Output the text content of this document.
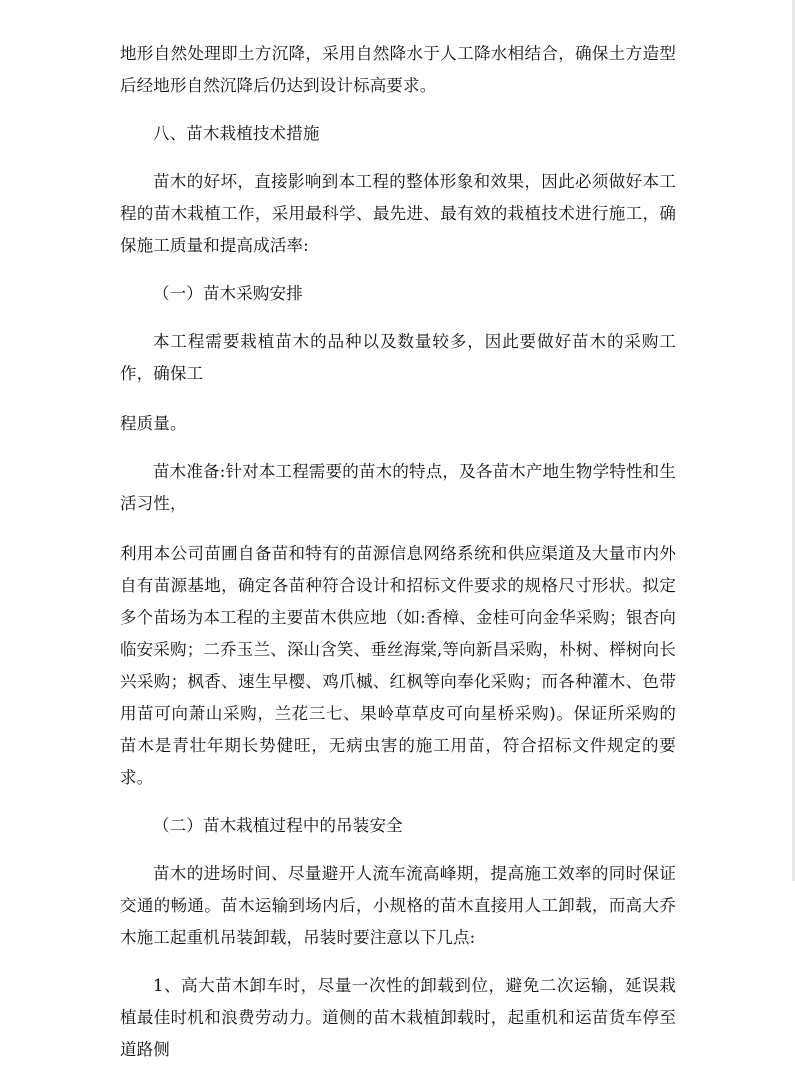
地形自然处理即土方沉降，采用自然降水于人工降水相结合，确保土方造型后经地形自然沉降后仍达到设计标高要求。

八、苗木栽植技术措施

苗木的好坏，直接影响到本工程的整体形象和效果，因此必须做好本工程的苗木栽植工作，采用最科学、最先进、最有效的栽植技术进行施工，确保施工质量和提高成活率:

（一）苗木采购安排

本工程需要栽植苗木的品种以及数量较多，因此要做好苗木的采购工作，确保工

程质量。

苗木准备:针对本工程需要的苗木的特点，及各苗木产地生物学特性和生活习性，

利用本公司苗圃自备苗和特有的苗源信息网络系统和供应渠道及大量市内外自有苗源基地，确定各苗种符合设计和招标文件要求的规格尺寸形状。拟定多个苗场为本工程的主要苗木供应地（如:香樟、金桂可向金华采购；银杏向临安采购；二乔玉兰、深山含笑、垂丝海棠,等向新昌采购，朴树、榉树向长兴采购；枫香、速生早樱、鸡爪槭、红枫等向奉化采购；而各种灌木、色带用苗可向萧山采购，兰花三七、果岭草草皮可向星桥采购)。保证所采购的苗木是青壮年期长势健旺，无病虫害的施工用苗，符合招标文件规定的要求。

（二）苗木栽植过程中的吊装安全

苗木的进场时间、尽量避开人流车流高峰期，提高施工效率的同时保证交通的畅通。苗木运输到场内后，小规格的苗木直接用人工卸载，而高大乔木施工起重机吊装卸载，吊装时要注意以下几点:

1、高大苗木卸车时，尽量一次性的卸载到位，避免二次运输，延误栽植最佳时机和浪费劳动力。道侧的苗木栽植卸载时，起重机和运苗货车停至道路侧
